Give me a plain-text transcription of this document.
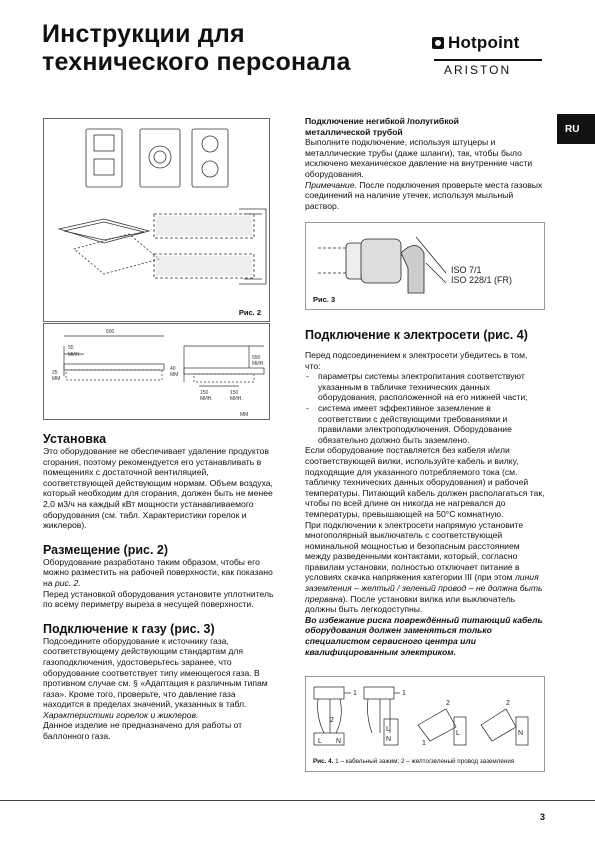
Инструкции для
технического персонала
Hotpoint
ARISTON
RU
Рис. 2
600
55
МИН.	550
МИН.
150
МИН.
150
МИН.
25
ММ
40
ММ
ММ
Установка
Это оборудование не обеспечивает удаление продуктов сгорания, поэтому рекомендуется его устанавливать в помещениях с достаточной вентиляцией, соответствующей действующим нормам. Объем воздуха, который необходим для сгорания, должен быть не менее 2,0 м3/ч на каждый кВт мощности устанавливаемого оборудования (см. табл. Характеристики горелок и жиклеров).
Размещение (рис. 2)
Оборудование разработано таким образом, чтобы его можно разместить на рабочей поверхности, как показано на рис. 2.
Перед установкой оборудования установите уплотнитель по всему периметру выреза в несущей поверхности.
Подключение к газу (рис. 3)
Подсоедините оборудование к источнику газа, соответствующему действующим стандартам для газоподключения, удостоверьтесь заранее, что оборудование соответствует типу имеющегося газа. В противном случае см. § «Адаптация к различным типам газа». Кроме того, проверьте, что давление газа находится в пределах значений, указанных в табл. Характеристики горелок и жиклеров.
Данное изделие не предназначено для работы от баллонного газа.
Подключение негибкой /полугибкой
металлической трубой
Выполните подключение, используя штуцеры и металлические трубы (даже шланги), так, чтобы было исключено механическое давление на внутренние части оборудования.
Примечание. После подключения проверьте места газовых соединений на наличие утечек, используя мыльный раствор.
ISO 7/1
ISO 228/1 (FR)
Рис. 3
Подключение к электросети (рис. 4)
Перед подсоединением к электросети убедитесь в том, что:
- параметры системы электропитания соответствуют указанным в табличке технических данных оборудования, расположенной на его нижней части;
- система имеет эффективное заземление в соответствии с действующими требованиями и правилами электроподключения. Оборудование обязательно должно быть заземлено.
Если оборудование поставляется без кабеля и/или соответствующей вилки, используйте кабель и вилку, подходящие для указанного потребляемого тока (см. табличку технических данных оборудования) и рабочей температуры. Питающий кабель должен располагаться так, чтобы по всей длине он никогда не нагревался до температуры, превышающей на 50°C комнатную.
При подключении к электросети напрямую установите многополярный выключатель с соответствующей номинальной мощностью и безопасным расстоянием между разведенными контактами, который, согласно правилам установки, полностью отключает питание в условиях скачка напряжения категории III (при этом линия заземления – желтый / зеленый провод – не должна быть прервана). После установки вилка или выключатель должны быть легкодоступны.
Во избежание риска повреждённый питающий кабель оборудования должен заменяться только специалистом сервисного центра или квалифицированным электриком.
1	1
2
2	2
1
L N
L
N
L	N
Рис. 4. 1 – кабельный зажим; 2 – желто/зеленый провод заземления
3
